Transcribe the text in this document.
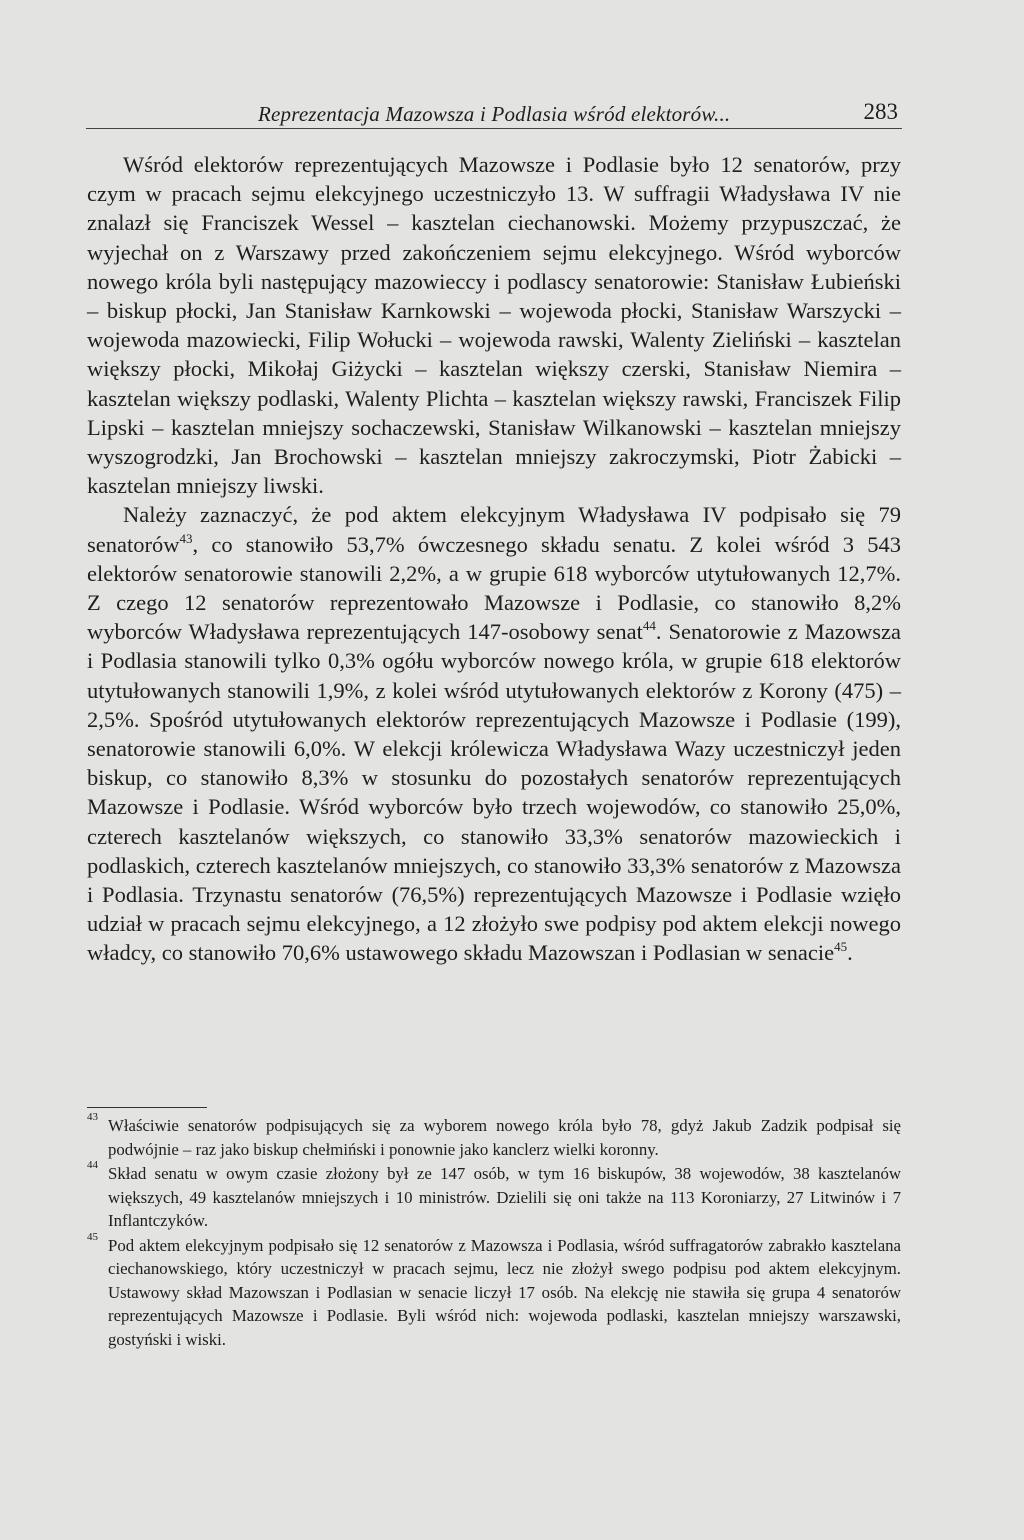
Reprezentacja Mazowsza i Podlasia wśród elektorów...	283

Wśród elektorów reprezentujących Mazowsze i Podlasie było 12 senatorów, przy czym w pracach sejmu elekcyjnego uczestniczyło 13. W suffragii Władysława IV nie znalazł się Franciszek Wessel – kasztelan ciechanowski. Możemy przypuszczać, że wyjechał on z Warszawy przed zakończeniem sejmu elekcyjnego. Wśród wyborców nowego króla byli następujący mazowieccy i podlascy senatorowie: Stanisław Łubieński – biskup płocki, Jan Stanisław Karnkowski – wojewoda płocki, Stanisław Warszycki – wojewoda mazowiecki, Filip Wołucki – wojewoda rawski, Walenty Zieliński – kasztelan większy płocki, Mikołaj Giżycki – kasztelan większy czerski, Stanisław Niemira – kasztelan większy podlaski, Walenty Plichta – kasztelan większy rawski, Franciszek Filip Lipski – kasztelan mniejszy sochaczewski, Stanisław Wilkanowski – kasztelan mniejszy wyszogrodzki, Jan Brochowski – kasztelan mniejszy zakroczymski, Piotr Żabicki – kasztelan mniejszy liwski.

Należy zaznaczyć, że pod aktem elekcyjnym Władysława IV podpisało się 79 senatorów$^{43}$, co stanowiło 53,7% ówczesnego składu senatu. Z kolei wśród 3 543 elektorów senatorowie stanowili 2,2%, a w grupie 618 wyborców utytułowanych 12,7%. Z czego 12 senatorów reprezentowało Mazowsze i Podlasie, co stanowiło 8,2% wyborców Władysława reprezentujących 147-osobowy senat$^{44}$. Senatorowie z Mazowsza i Podlasia stanowili tylko 0,3% ogółu wyborców nowego króla, w grupie 618 elektorów utytułowanych stanowili 1,9%, z kolei wśród utytułowanych elektorów z Korony (475) – 2,5%. Spośród utytułowanych elektorów reprezentujących Mazowsze i Podlasie (199), senatorowie stanowili 6,0%. W elekcji królewicza Władysława Wazy uczestniczył jeden biskup, co stanowiło 8,3% w stosunku do pozostałych senatorów reprezentujących Mazowsze i Podlasie. Wśród wyborców było trzech wojewodów, co stanowiło 25,0%, czterech kasztelanów większych, co stanowiło 33,3% senatorów mazowieckich i podlaskich, czterech kasztelanów mniejszych, co stanowiło 33,3% senatorów z Mazowsza i Podlasia. Trzynastu senatorów (76,5%) reprezentujących Mazowsze i Podlasie wzięło udział w pracach sejmu elekcyjnego, a 12 złożyło swe podpisy pod aktem elekcji nowego władcy, co stanowiło 70,6% ustawowego składu Mazowszan i Podlasian w senacie$^{45}$.

43 Właściwie senatorów podpisujących się za wyborem nowego króla było 78, gdyż Jakub Zadzik podpisał się podwójnie – raz jako biskup chełmiński i ponownie jako kanclerz wielki koronny.
44 Skład senatu w owym czasie złożony był ze 147 osób, w tym 16 biskupów, 38 wojewodów, 38 kasztelanów większych, 49 kasztelanów mniejszych i 10 ministrów. Dzielili się oni także na 113 Koroniarzy, 27 Litwinów i 7 Inflantczyków.
45 Pod aktem elekcyjnym podpisało się 12 senatorów z Mazowsza i Podlasia, wśród suffragatorów zabrakło kasztelana ciechanowskiego, który uczestniczył w pracach sejmu, lecz nie złożył swego podpisu pod aktem elekcyjnym. Ustawowy skład Mazowszan i Podlasian w senacie liczył 17 osób. Na elekcję nie stawiła się grupa 4 senatorów reprezentujących Mazowsze i Podlasie. Byli wśród nich: wojewoda podlaski, kasztelan mniejszy warszawski, gostyński i wiski.
